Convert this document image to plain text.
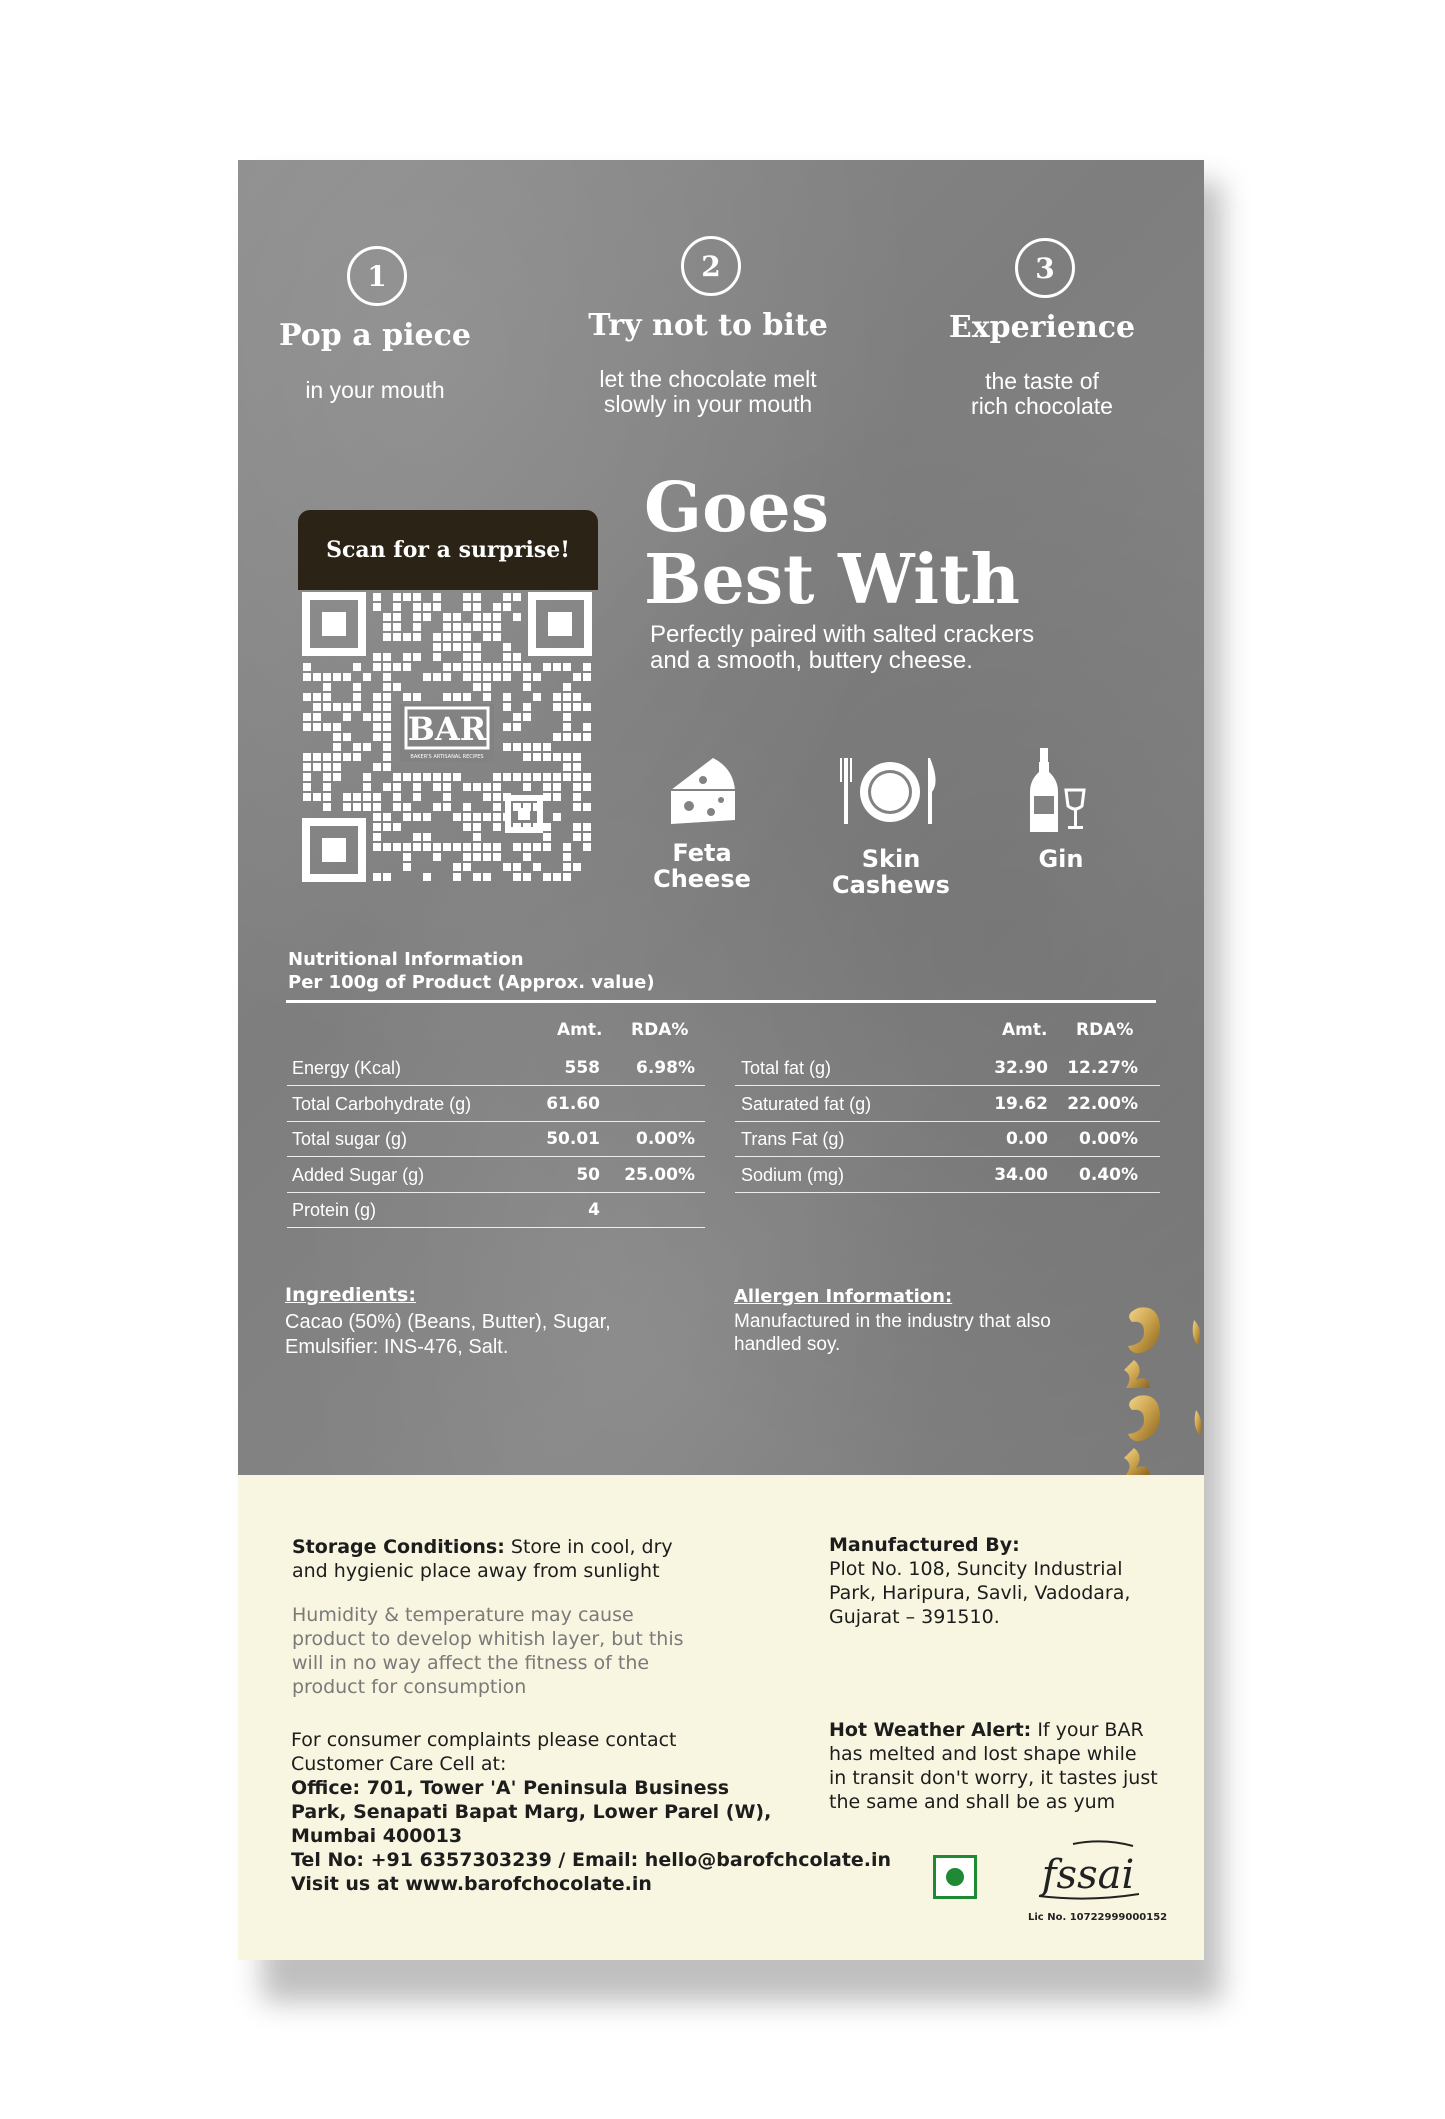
1
Pop a piece
in your mouth
2
Try not to bite
let the chocolate melt
slowly in your mouth
3
Experience
the taste of
rich chocolate
Scan for a surprise!
BAR
BAKER'S ARTISANAL RECIPES
Goes
Best With
Perfectly paired with salted crackers
and a smooth, buttery cheese.
Feta
Cheese
Skin
Cashews
Gin
Nutritional Information
Per 100g of Product (Approx. value)
Amt. RDA%	Amt. RDA%
Energy (Kcal)	558	6.98%
Total Carbohydrate (g)	61.60
Total sugar (g)	50.01	0.00%
Added Sugar (g)	50	25.00%
Protein (g)	4
Total fat (g)	32.90	12.27%
Saturated fat (g)	19.62	22.00%
Trans Fat (g)	0.00	0.00%
Sodium (mg)	34.00	0.40%
Ingredients:
Cacao (50%) (Beans, Butter), Sugar,
Emulsifier: INS-476, Salt.
Allergen Information:
Manufactured in the industry that also
handled soy.
Storage Conditions: Store in cool, dry
and hygienic place away from sunlight
Humidity & temperature may cause
product to develop whitish layer, but this
will in no way affect the fitness of the
product for consumption
Manufactured By:
Plot No. 108, Suncity Industrial
Park, Haripura, Savli, Vadodara,
Gujarat – 391510.
For consumer complaints please contact
Customer Care Cell at:
Office: 701, Tower 'A' Peninsula Business
Park, Senapati Bapat Marg, Lower Parel (W),
Mumbai 400013
Tel No: +91 6357303239 / Email: hello@barofchcolate.in
Visit us at www.barofchocolate.in
Hot Weather Alert: If your BAR
has melted and lost shape while
in transit don't worry, it tastes just
the same and shall be as yum
fssai
Lic No. 10722999000152
